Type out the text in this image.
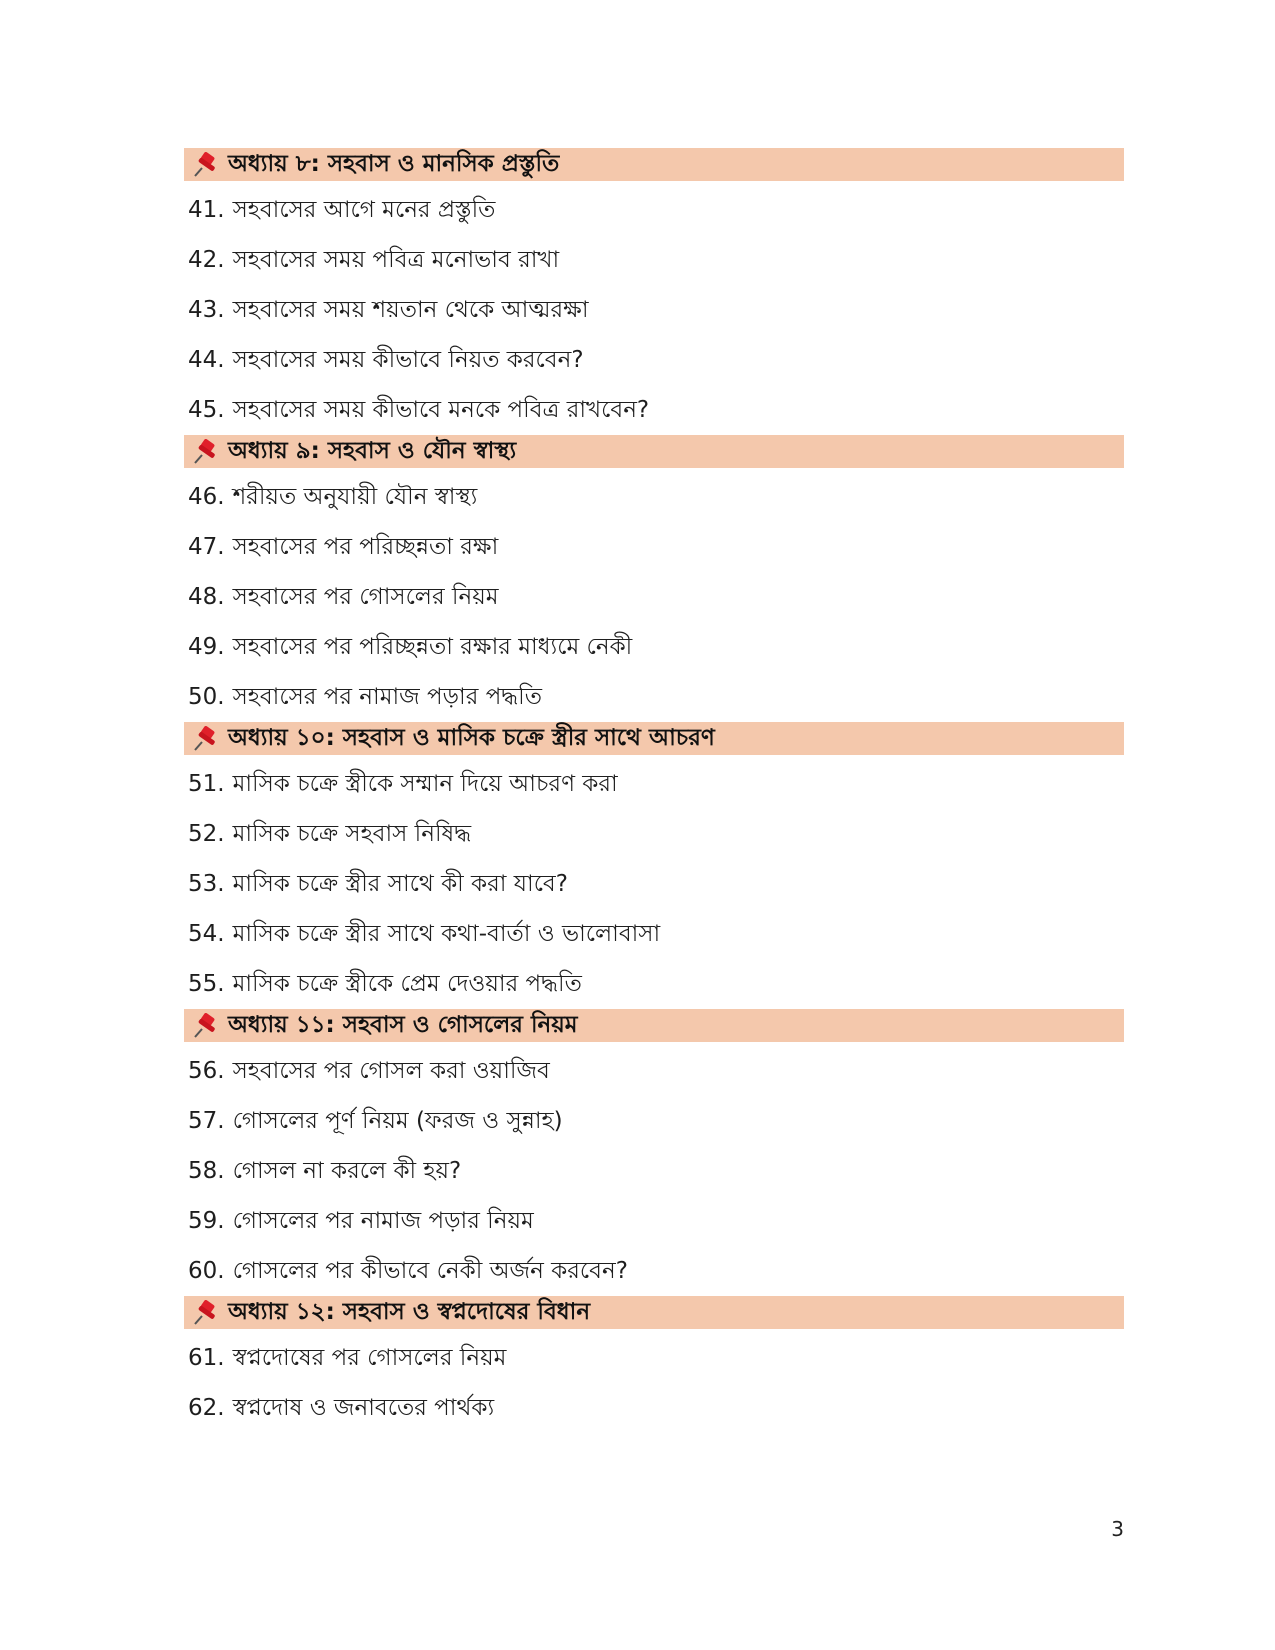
অধ্যায় ৮: সহবাস ও মানসিক প্রস্তুতি
41. সহবাসের আগে মনের প্রস্তুতি
42. সহবাসের সময় পবিত্র মনোভাব রাখা
43. সহবাসের সময় শয়তান থেকে আত্মরক্ষা
44. সহবাসের সময় কীভাবে নিয়ত করবেন?
45. সহবাসের সময় কীভাবে মনকে পবিত্র রাখবেন?
অধ্যায় ৯: সহবাস ও যৌন স্বাস্থ্য
46. শরীয়ত অনুযায়ী যৌন স্বাস্থ্য
47. সহবাসের পর পরিচ্ছন্নতা রক্ষা
48. সহবাসের পর গোসলের নিয়ম
49. সহবাসের পর পরিচ্ছন্নতা রক্ষার মাধ্যমে নেকী
50. সহবাসের পর নামাজ পড়ার পদ্ধতি
অধ্যায় ১০: সহবাস ও মাসিক চক্রে স্ত্রীর সাথে আচরণ
51. মাসিক চক্রে স্ত্রীকে সম্মান দিয়ে আচরণ করা
52. মাসিক চক্রে সহবাস নিষিদ্ধ
53. মাসিক চক্রে স্ত্রীর সাথে কী করা যাবে?
54. মাসিক চক্রে স্ত্রীর সাথে কথা-বার্তা ও ভালোবাসা
55. মাসিক চক্রে স্ত্রীকে প্রেম দেওয়ার পদ্ধতি
অধ্যায় ১১: সহবাস ও গোসলের নিয়ম
56. সহবাসের পর গোসল করা ওয়াজিব
57. গোসলের পূর্ণ নিয়ম (ফরজ ও সুন্নাহ)
58. গোসল না করলে কী হয়?
59. গোসলের পর নামাজ পড়ার নিয়ম
60. গোসলের পর কীভাবে নেকী অর্জন করবেন?
অধ্যায় ১২: সহবাস ও স্বপ্নদোষের বিধান
61. স্বপ্নদোষের পর গোসলের নিয়ম
62. স্বপ্নদোষ ও জনাবতের পার্থক্য
3
